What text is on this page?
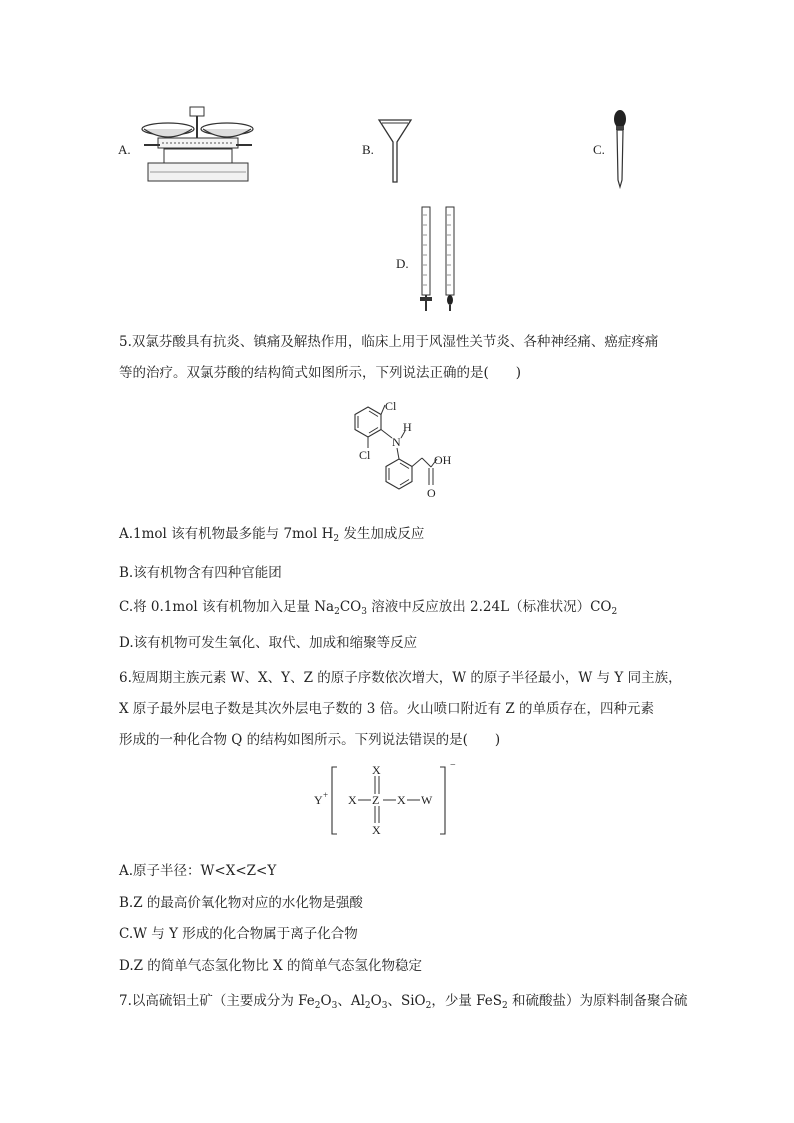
A.	B.	C.
D.
5.双氯芬酸具有抗炎、镇痛及解热作用，临床上用于风湿性关节炎、各种神经痛、癌症疼痛
等的治疗。双氯芬酸的结构简式如图所示，下列说法正确的是(　　)
Cl
N
H
Cl	OH
O
A.1mol 该有机物最多能与 7mol $H_2$ 发生加成反应
B.该有机物含有四种官能团
C.将 0.1mol 该有机物加入足量 $Na_2CO_3$ 溶液中反应放出 2.24L（标准状况）$CO_2$
D.该有机物可发生氧化、取代、加成和缩聚等反应
6.短周期主族元素 W、X、Y、Z 的原子序数依次增大，W 的原子半径最小，W 与 Y 同主族，
X 原子最外层电子数是其次外层电子数的 3 倍。火山喷口附近有 Z 的单质存在，四种元素
形成的一种化合物 Q 的结构如图所示。下列说法错误的是(　　)
Y +
X
X Z X W
X
−
A.原子半径：W<X<Z<Y
B.Z 的最高价氧化物对应的水化物是强酸
C.W 与 Y 形成的化合物属于离子化合物
D.Z 的简单气态氢化物比 X 的简单气态氢化物稳定
7.以高硫铝土矿（主要成分为 $Fe_2O_3$、$Al_2O_3$、SiO$_2$，少量 FeS$_2$ 和硫酸盐）为原料制备聚合硫
